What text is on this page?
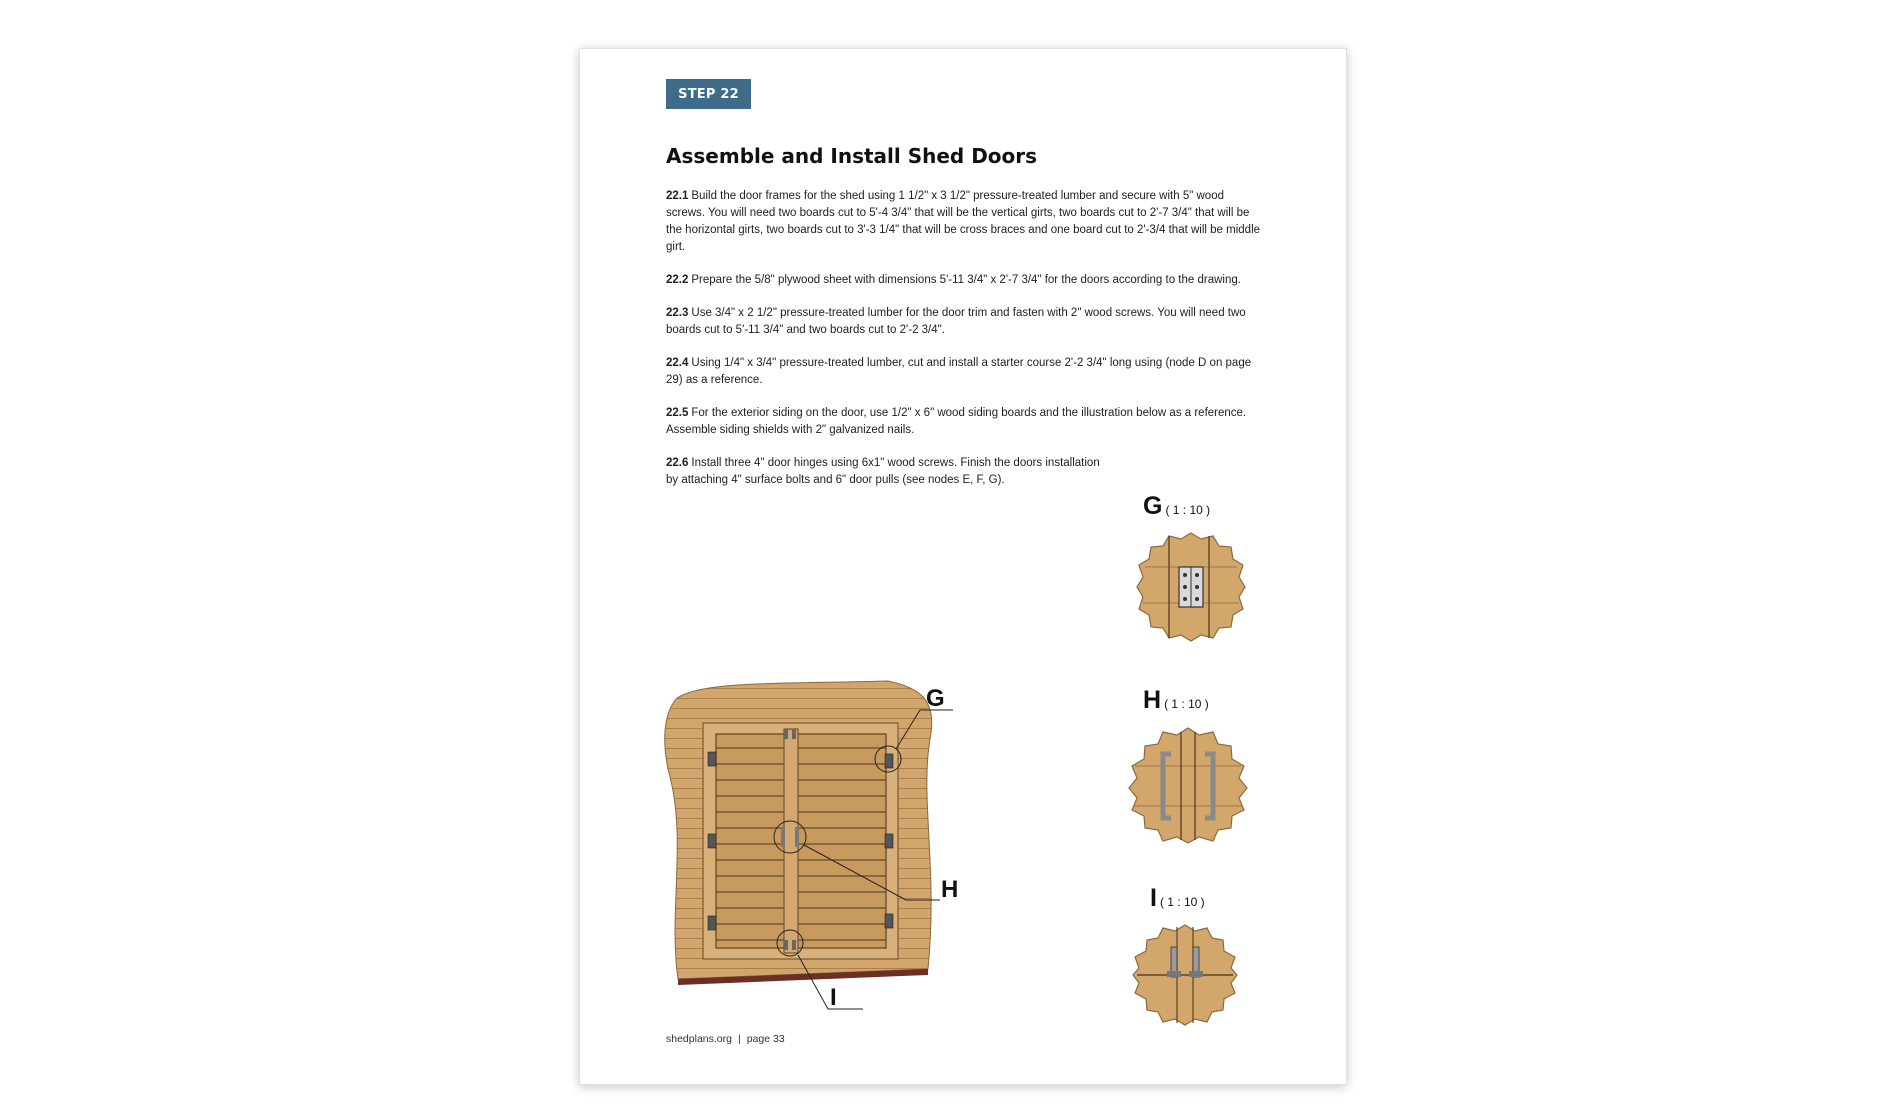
STEP 22
Assemble and Install Shed Doors

22.1 Build the door frames for the shed using 1 1/2" x 3 1/2" pressure-treated lumber and secure with 5" wood screws. You will need two boards cut to 5'-4 3/4" that will be the vertical girts, two boards cut to 2'-7 3/4" that will be the horizontal girts, two boards cut to 3'-3 1/4" that will be cross braces and one board cut to 2'-3/4 that will be middle girt.

22.2 Prepare the 5/8" plywood sheet with dimensions 5'-11 3/4" x 2'-7 3/4" for the doors according to the drawing.

22.3 Use 3/4" x 2 1/2" pressure-treated lumber for the door trim and fasten with 2" wood screws. You will need two boards cut to 5'-11 3/4" and two boards cut to 2'-2 3/4".

22.4 Using 1/4" x 3/4" pressure-treated lumber, cut and install a starter course 2'-2 3/4" long using (node D on page 29) as a reference.

22.5 For the exterior siding on the door, use 1/2" x 6" wood siding boards and the illustration below as a reference. Assemble siding shields with 2" galvanized nails.

22.6 Install three 4" door hinges using 6x1" wood screws. Finish the doors installation by attaching 4" surface bolts and 6" door pulls (see nodes E, F, G).

G
H
I
G ( 1 : 10 )
H ( 1 : 10 )
I ( 1 : 10 )
shedplans.org | page 33
